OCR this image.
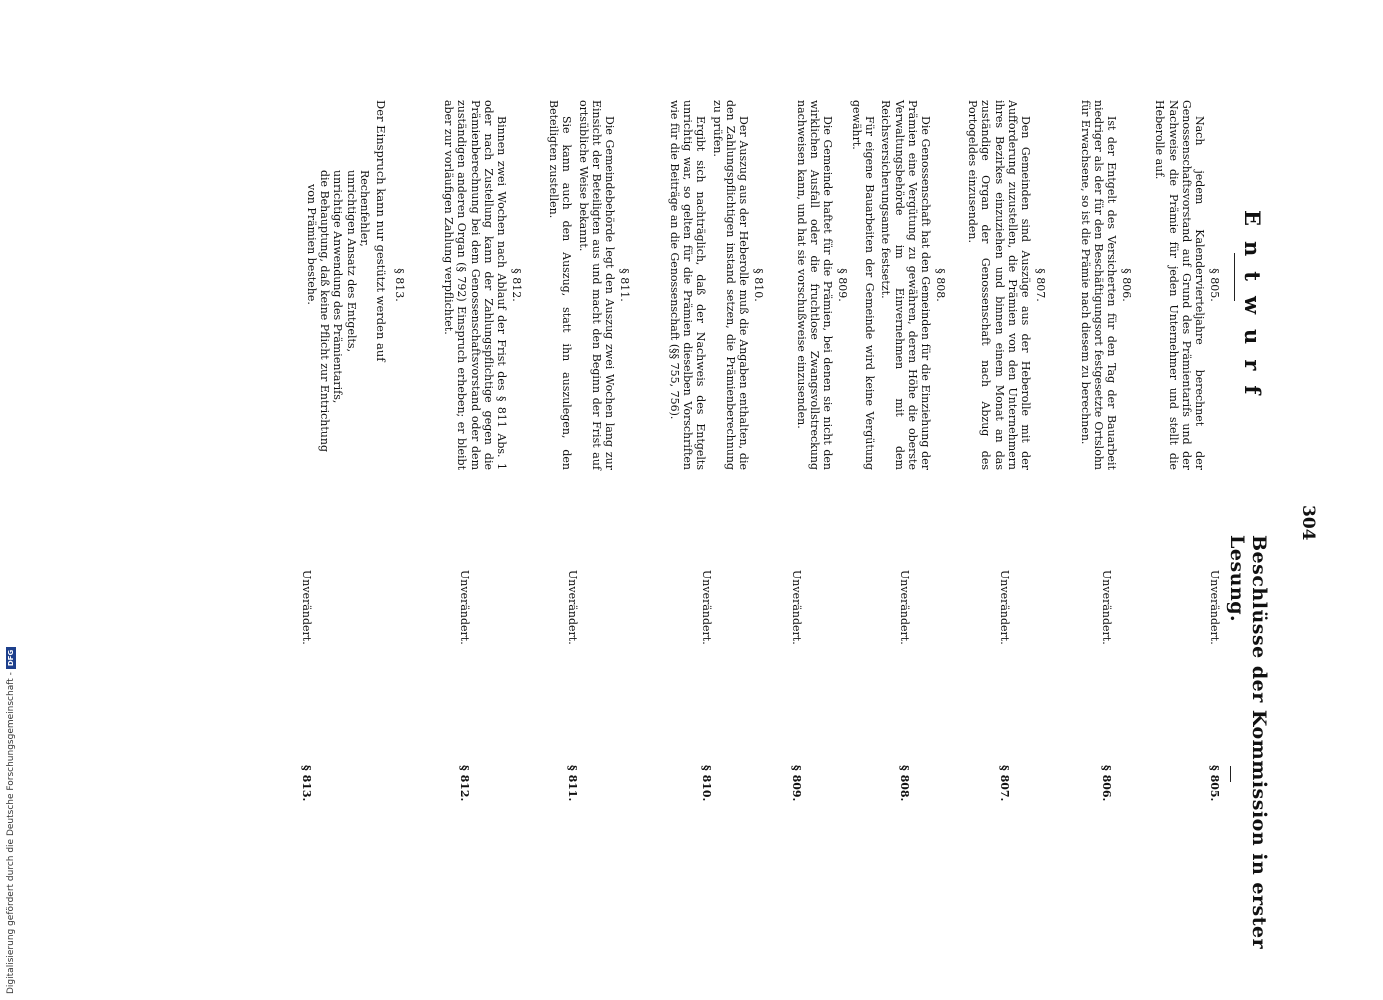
304
Entwurf
Beschlüsse der Kommission in erster Lesung.
§ 805.

Nach jedem Kalendervierteljahre berechnet der Genossenschaftsvorstand auf Grund des Prämientarifs und der Nachweise die Prämie für jeden Unternehmer und stellt die Heberolle auf.

§ 806.

Ist der Entgelt des Versicherten für den Tag der Bauarbeit niedriger als der für den Beschäftigungsort festgesetzte Ortslohn für Erwachsene, so ist die Prämie nach diesem zu berechnen.

§ 807.

Den Gemeinden sind Auszüge aus der Heberolle mit der Aufforderung zuzustellen, die Prämien von den Unternehmern ihres Bezirkes einzuziehen und binnen einem Monat an das zuständige Organ der Genossenschaft nach Abzug des Portogeldes einzusenden.

§ 808.

Die Genossenschaft hat den Gemeinden für die Einziehung der Prämien eine Vergütung zu gewähren, deren Höhe die oberste Verwaltungsbehörde im Einvernehmen mit dem Reichsversicherungsamte festsetzt.

Für eigene Bauarbeiten der Gemeinde wird keine Vergütung gewährt.

§ 809.

Die Gemeinde haftet für die Prämien, bei denen sie nicht den wirklichen Ausfall oder die fruchtlose Zwangsvollstreckung nachweisen kann, und hat sie vorschußweise einzusenden.

§ 810.

Der Auszug aus der Heberolle muß die Angaben enthalten, die den Zahlungspflichtigen instand setzen, die Prämienberechnung zu prüfen.

Ergibt sich nachträglich, daß der Nachweis des Entgelts unrichtig war, so gelten für die Prämien dieselben Vorschriften wie für die Beiträge an die Genossenschaft (§§ 755, 756).

§ 811.

Die Gemeindebehörde legt den Auszug zwei Wochen lang zur Einsicht der Beteiligten aus und macht den Beginn der Frist auf ortsübliche Weise bekannt.

Sie kann auch den Auszug, statt ihn auszulegen, den Beteiligten zustellen.

§ 812.

Binnen zwei Wochen nach Ablauf der Frist des § 811 Abs. 1 oder nach Zustellung kann der Zahlungspflichtige gegen die Prämienberechnung bei dem Genossenschaftsvorstand oder dem zuständigen anderen Organ (§ 792) Einspruch erheben; er bleibt aber zur vorläufigen Zahlung verpflichtet.

§ 813.

Der Einspruch kann nur gestützt werden auf

Rechenfehler,
unrichtigen Ansatz des Entgelts,
unrichtige Anwendung des Prämientarifs,
die Behauptung, daß keine Pflicht zur Entrichtung
von Prämien bestehe.
Unverändert.
§ 805.
Unverändert.
§ 806.
Unverändert.
§ 807.
Unverändert.
§ 808.
Unverändert.
§ 809.
Unverändert.
§ 810.
Unverändert.
§ 811.
Unverändert.
§ 812.
Unverändert.
§ 813.
Digitalisierung gefördert durch die Deutsche Forschungsgemeinschaft -DFG
